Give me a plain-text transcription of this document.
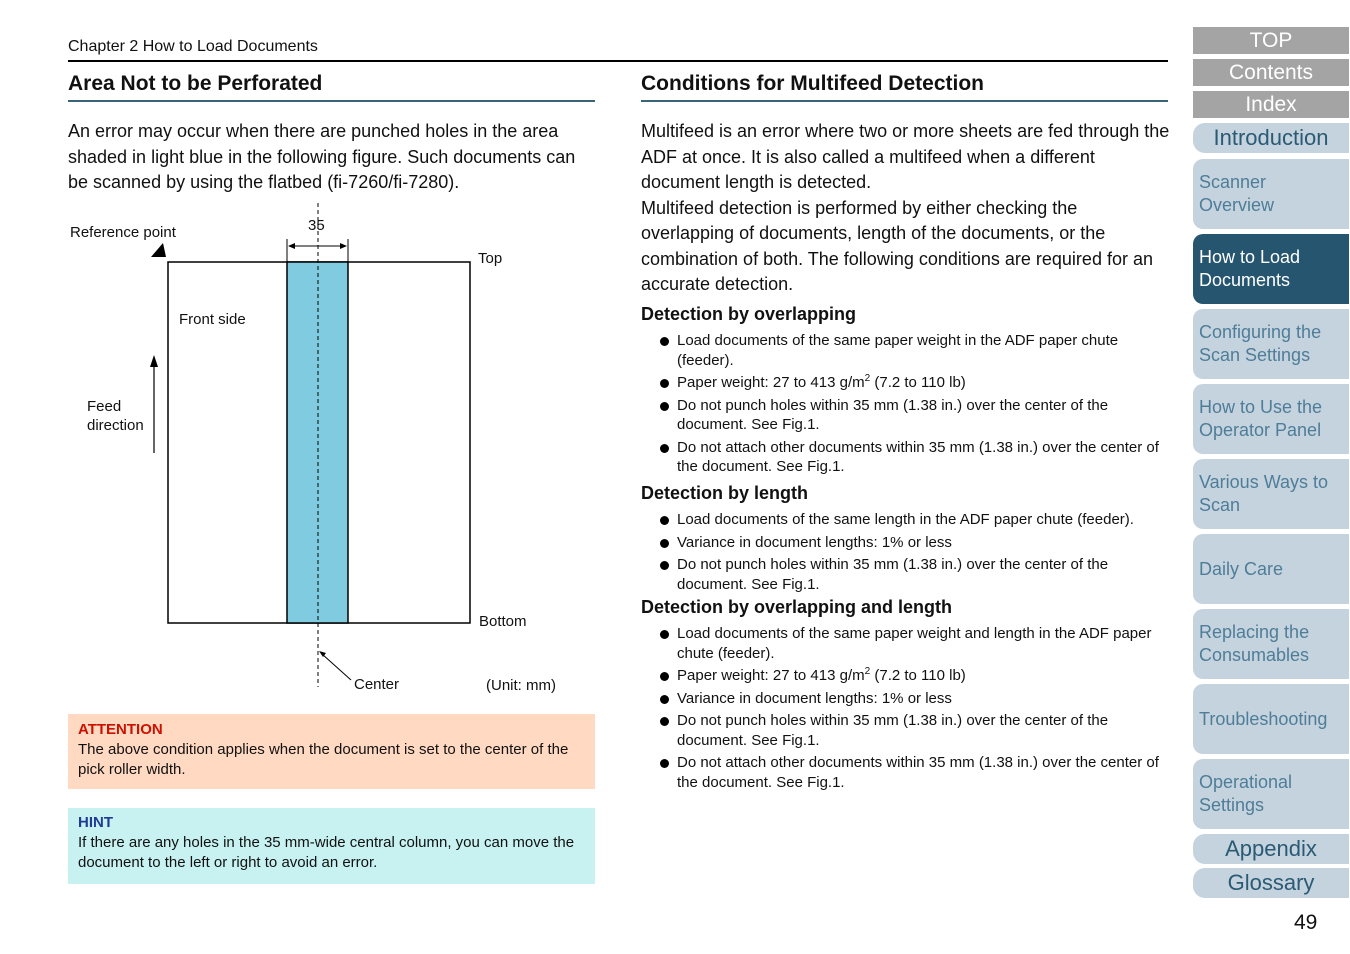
Chapter 2 How to Load Documents
Area Not to be Perforated
An error may occur when there are punched holes in the area shaded in light blue in the following figure. Such documents can be scanned by using the flatbed (fi-7260/fi-7280).
35
Reference point
Top
Front side
Feed
direction
Bottom
Center	(Unit: mm)
ATTENTION
The above condition applies when the document is set to the center of the pick roller width.
HINT
If there are any holes in the 35 mm-wide central column, you can move the document to the left or right to avoid an error.
Conditions for Multifeed Detection

Multifeed is an error where two or more sheets are fed through the ADF at once. It is also called a multifeed when a different document length is detected.

Multifeed detection is performed by either checking the overlapping of documents, length of the documents, or the combination of both. The following conditions are required for an accurate detection.

Detection by overlapping
Load documents of the same paper weight in the ADF paper chute (feeder).
Paper weight: 27 to 413 $g/m^2$ (7.2 to 110 lb)
Do not punch holes within 35 mm (1.38 in.) over the center of the document. See Fig.1.
Do not attach other documents within 35 mm (1.38 in.) over the center of the document. See Fig.1.
Detection by length
Load documents of the same length in the ADF paper chute (feeder).
Variance in document lengths: 1% or less
Do not punch holes within 35 mm (1.38 in.) over the center of the document. See Fig.1.
Detection by overlapping and length
Load documents of the same paper weight and length in the ADF paper chute (feeder).
Paper weight: 27 to 413 $g/m^2$ (7.2 to 110 lb)
Variance in document lengths: 1% or less
Do not punch holes within 35 mm (1.38 in.) over the center of the document. See Fig.1.
Do not attach other documents within 35 mm (1.38 in.) over the center of the document. See Fig.1.
TOP
Contents
Index
Introduction
Scanner
Overview
How to Load
Documents
Configuring the
Scan Settings
How to Use the
Operator Panel
Various Ways to
Scan
Daily Care
Replacing the
Consumables
Troubleshooting
Operational
Settings
Appendix
Glossary
49
